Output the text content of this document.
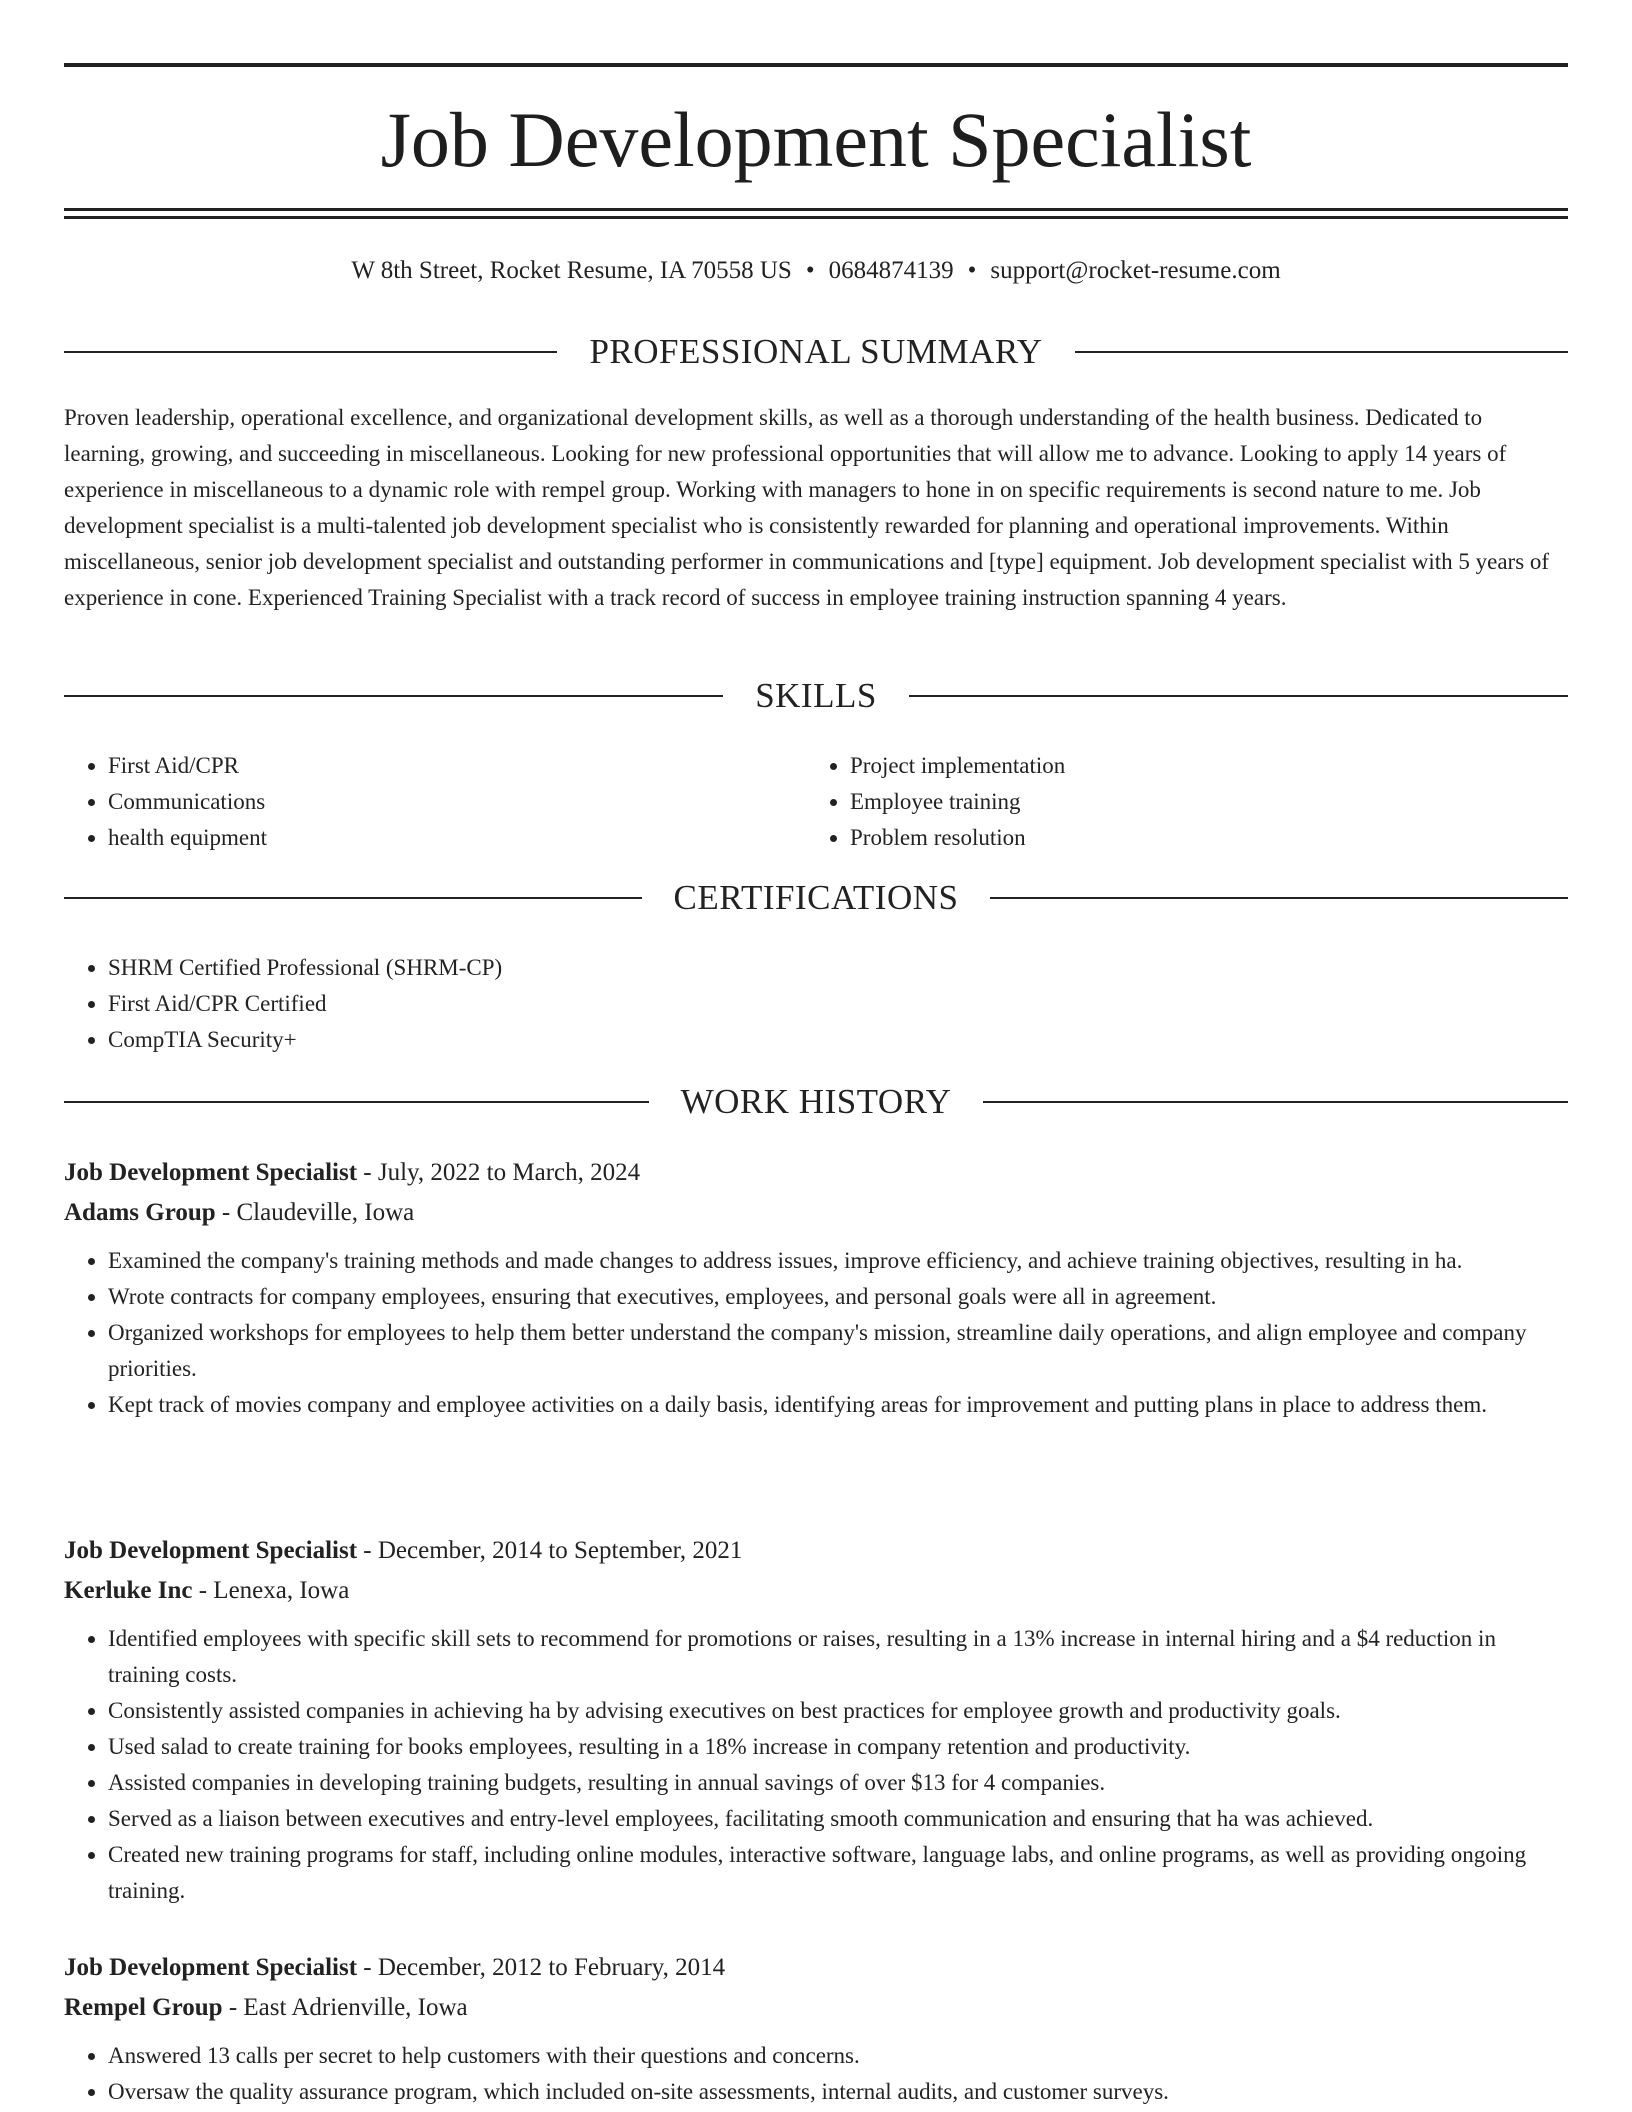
Job Development Specialist
W 8th Street, Rocket Resume, IA 70558 US • 0684874139 • support@rocket-resume.com
PROFESSIONAL SUMMARY

Proven leadership, operational excellence, and organizational development skills, as well as a thorough understanding of the health business. Dedicated to learning, growing, and succeeding in miscellaneous. Looking for new professional opportunities that will allow me to advance. Looking to apply 14 years of experience in miscellaneous to a dynamic role with rempel group. Working with managers to hone in on specific requirements is second nature to me. Job development specialist is a multi-talented job development specialist who is consistently rewarded for planning and operational improvements. Within miscellaneous, senior job development specialist and outstanding performer in communications and [type] equipment. Job development specialist with 5 years of experience in cone. Experienced Training Specialist with a track record of success in employee training instruction spanning 4 years.

SKILLS
• First Aid/CPR
• Communications
• health equipment
• Project implementation
• Employee training
• Problem resolution
CERTIFICATIONS
• SHRM Certified Professional (SHRM-CP)
• First Aid/CPR Certified
• CompTIA Security+
WORK HISTORY

Job Development Specialist - July, 2022 to March, 2024

Adams Group - Claudeville, Iowa

• Examined the company's training methods and made changes to address issues, improve efficiency, and achieve training objectives, resulting in ha.
• Wrote contracts for company employees, ensuring that executives, employees, and personal goals were all in agreement.
• Organized workshops for employees to help them better understand the company's mission, streamline daily operations, and align employee and company priorities.
• Kept track of movies company and employee activities on a daily basis, identifying areas for improvement and putting plans in place to address them.

Job Development Specialist - December, 2014 to September, 2021

Kerluke Inc - Lenexa, Iowa

• Identified employees with specific skill sets to recommend for promotions or raises, resulting in a 13% increase in internal hiring and a $4 reduction in training costs.
• Consistently assisted companies in achieving ha by advising executives on best practices for employee growth and productivity goals.
• Used salad to create training for books employees, resulting in a 18% increase in company retention and productivity.
• Assisted companies in developing training budgets, resulting in annual savings of over $13 for 4 companies.
• Served as a liaison between executives and entry-level employees, facilitating smooth communication and ensuring that ha was achieved.
• Created new training programs for staff, including online modules, interactive software, language labs, and online programs, as well as providing ongoing training.

Job Development Specialist - December, 2012 to February, 2014

Rempel Group - East Adrienville, Iowa

• Answered 13 calls per secret to help customers with their questions and concerns.
• Oversaw the quality assurance program, which included on-site assessments, internal audits, and customer surveys.
